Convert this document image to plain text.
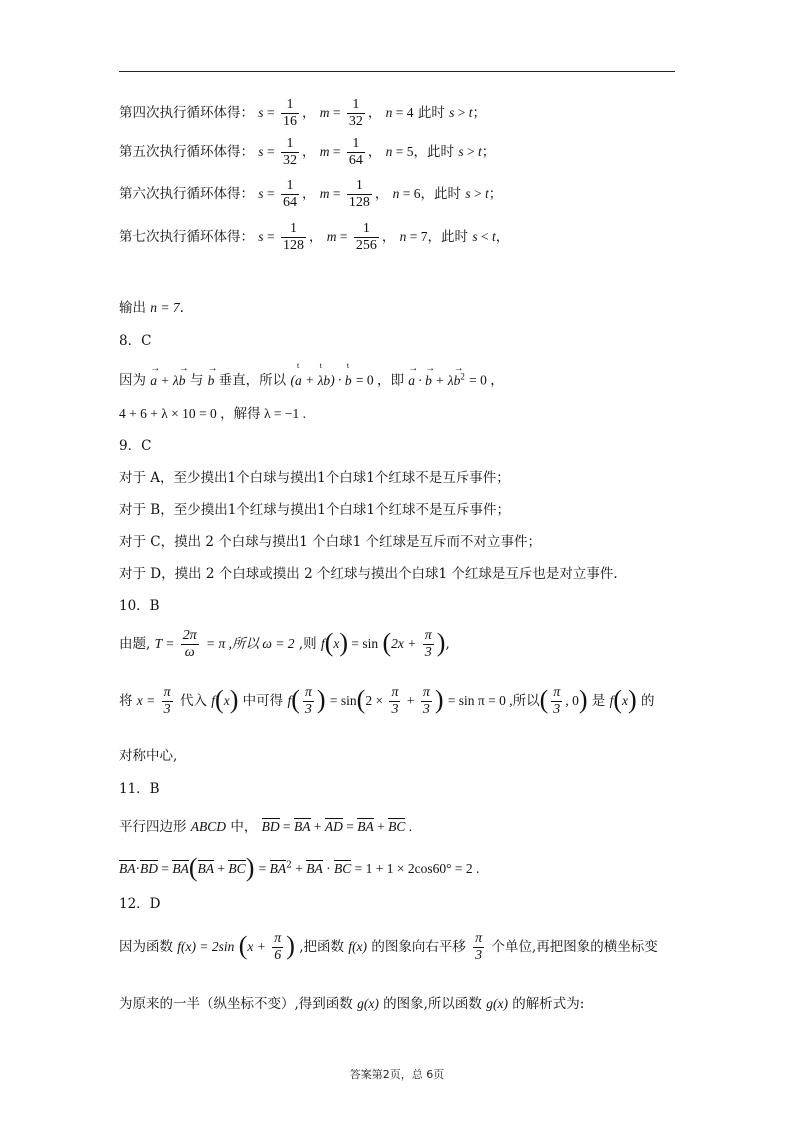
第四次执行循环体得： $s = \frac{1}{16}$ ， $m = \frac{1}{32}$ ， n = 4 此时 s > t；
第五次执行循环体得： $s = \frac{1}{32}$ ， $m = \frac{1}{64}$ ， n = 5，此时 s > t；
第六次执行循环体得： $s = \frac{1}{64}$ ， $m = \frac{1}{128}$ ， n = 6，此时 s > t；
第七次执行循环体得： $s = \frac{1}{128}$ ， $m = \frac{1}{256}$ ， n = 7，此时 s < t，
输出 n = 7.
8．C
因为 → a + λ→ b 与 → b 垂直，所以 (t a + t λb) · t b = 0 ，即 → a · → $b + \lambda\to b^2 = 0$ ，
4 + 6 + λ × 10 = 0 ，解得 λ = −1 .
9．C
对于 A，至少摸出1个白球与摸出1个白球1个红球不是互斥事件；
对于 B，至少摸出1个红球与摸出1个白球1个红球不是互斥事件；
对于 C，摸出 2 个白球与摸出1 个白球1 个红球是互斥而不对立事件；
对于 D，摸出 2 个白球或摸出 2 个红球与摸出个白球1 个红球是互斥也是对立事件.
10．B
由题, $T = \frac{2\pi}{\omega} = \pi$ ,所以 ω = 2 ,则 $f(x) = \sin (2x + \frac{\pi}{3}$ ),
将 $x = \frac{\pi}{3}$ 代入 f(x) 中可得 $f( \frac{\pi}{3}$ ) = $\sin(2 \times \frac{\pi}{3} + \frac{\pi}{3}$ ) = sin π = 0 ,所以( $\frac{\pi}{3}$ , 0) 是 f(x) 的
对称中心,
11．B
平行四边形 ABCD 中， BD = BA + AD = BA + BC .
$BA\cdot BD = BA(BA + BC) = BA^2$ + BA · BC = 1 + 1 × 2cos60° = 2 .
12．D
因为函数 f(x) = 2sin ($x + \frac{\pi}{6}$ ) ,把函数 f(x) 的图象向右平移 $\frac{\pi}{3}$ 个单位,再把图象的横坐标变
为原来的一半（纵坐标不变）,得到函数 g(x) 的图象,所以函数 g(x) 的解析式为:
答案第2页，总 6页
